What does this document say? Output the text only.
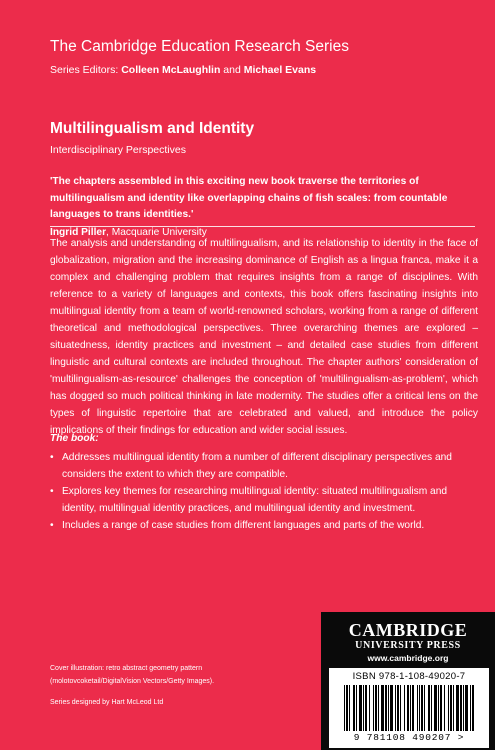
The Cambridge Education Research Series
Series Editors: Colleen McLaughlin and Michael Evans
Multilingualism and Identity
Interdisciplinary Perspectives
'The chapters assembled in this exciting new book traverse the territories of multilingualism and identity like overlapping chains of fish scales: from countable languages to trans identities.'
Ingrid Piller, Macquarie University
The analysis and understanding of multilingualism, and its relationship to identity in the face of globalization, migration and the increasing dominance of English as a lingua franca, make it a complex and challenging problem that requires insights from a range of disciplines. With reference to a variety of languages and contexts, this book offers fascinating insights into multilingual identity from a team of world-renowned scholars, working from a range of different theoretical and methodological perspectives. Three overarching themes are explored – situatedness, identity practices and investment – and detailed case studies from different linguistic and cultural contexts are included throughout. The chapter authors' consideration of 'multilingualism-as-resource' challenges the conception of 'multilingualism-as-problem', which has dogged so much political thinking in late modernity. The studies offer a critical lens on the types of linguistic repertoire that are celebrated and valued, and introduce the policy implications of their findings for education and wider social issues.
The book:
• Addresses multilingual identity from a number of different disciplinary perspectives and considers the extent to which they are compatible.
• Explores key themes for researching multilingual identity: situated multilingualism and identity, multilingual identity practices, and multilingual identity and investment.
• Includes a range of case studies from different languages and parts of the world.
Cover illustration: retro abstract geometry pattern
(molotovcoketail/DigitalVision Vectors/Getty Images).
Series designed by Hart McLeod Ltd
CAMBRIDGE
UNIVERSITY PRESS
www.cambridge.org
ISBN 978-1-108-49020-7
9 781108 490207 >
